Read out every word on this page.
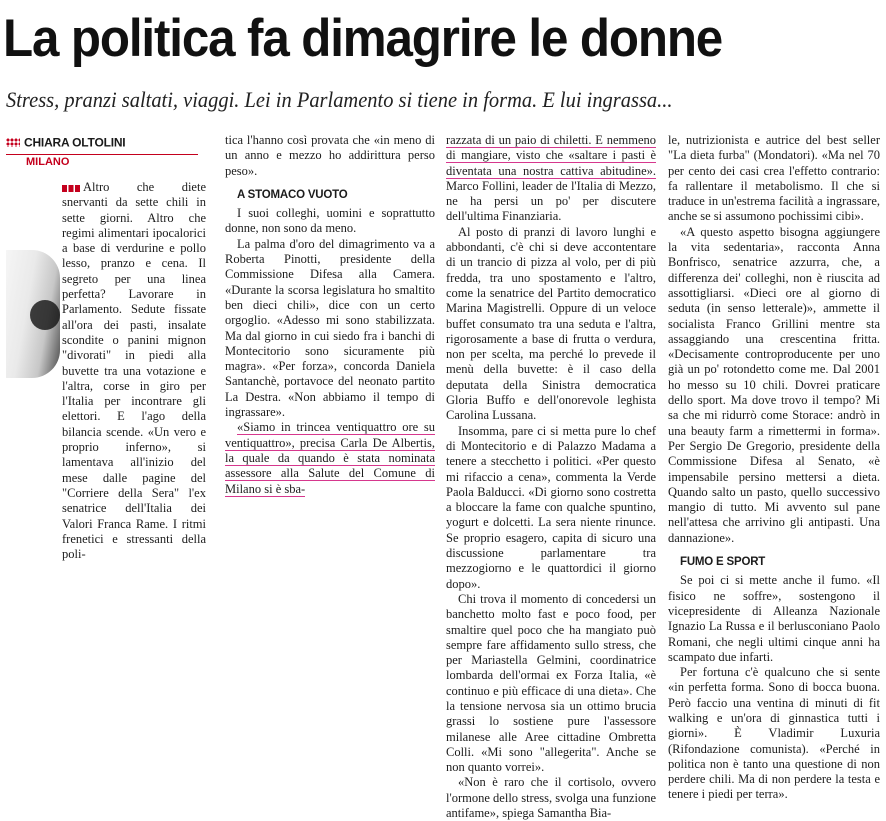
La politica fa dimagrire le donne
Stress, pranzi saltati, viaggi. Lei in Parlamento si tiene in forma. E lui ingrassa...
CHIARA OLTOLINI
MILANO

Altro che diete snervanti da sette chili in sette giorni. Altro che regimi alimentari ipocalorici a base di verdurine e pollo lesso, pranzo e cena. Il segreto per una linea perfetta? Lavorare in Parlamento. Sedute fissate all'ora dei pasti, insalate scondite o panini mignon "divorati" in piedi alla buvette tra una votazione e l'altra, corse in giro per l'Italia per incontrare gli elettori. E l'ago della bilancia scende. «Un vero e proprio inferno», si lamentava all'inizio del mese dalle pagine del "Corriere della Sera" l'ex senatrice dell'Italia dei Valori Franca Rame. I ritmi frenetici e stressanti della poli-

tica l'hanno così provata che «in meno di un anno e mezzo ho addirittura perso peso».

A STOMACO VUOTO

I suoi colleghi, uomini e soprattutto donne, non sono da meno.

La palma d'oro del dimagrimento va a Roberta Pinotti, presidente della Commissione Difesa alla Camera. «Durante la scorsa legislatura ho smaltito ben dieci chili», dice con un certo orgoglio. «Adesso mi sono stabilizzata. Ma dal giorno in cui siedo fra i banchi di Montecitorio sono sicuramente più magra». «Per forza», concorda Daniela Santanchè, portavoce del neonato partito La Destra. «Non abbiamo il tempo di ingrassare».

«Siamo in trincea ventiquattro ore su ventiquattro», precisa Carla De Albertis, la quale da quando è stata nominata assessore alla Salute del Comune di Milano si è sba-

razzata di un paio di chiletti. E nemmeno di mangiare, visto che «saltare i pasti è diventata una nostra cattiva abitudine». Marco Follini, leader de l'Italia di Mezzo, ne ha persi un po' per discutere dell'ultima Finanziaria.

Al posto di pranzi di lavoro lunghi e abbondanti, c'è chi si deve accontentare di un trancio di pizza al volo, per di più fredda, tra uno spostamento e l'altro, come la senatrice del Partito democratico Marina Magistrelli. Oppure di un veloce buffet consumato tra una seduta e l'altra, rigorosamente a base di frutta o verdura, non per scelta, ma perché lo prevede il menù della buvette: è il caso della deputata della Sinistra democratica Gloria Buffo e dell'onorevole leghista Carolina Lussana.

Insomma, pare ci si metta pure lo chef di Montecitorio e di Palazzo Madama a tenere a stecchetto i politici. «Per questo mi rifaccio a cena», commenta la Verde Paola Balducci. «Di giorno sono costretta a bloccare la fame con qualche spuntino, yogurt e dolcetti. La sera niente rinunce. Se proprio esagero, capita di sicuro una discussione parlamentare tra mezzogiorno e le quattordici il giorno dopo».

Chi trova il momento di concedersi un banchetto molto fast e poco food, per smaltire quel poco che ha mangiato può sempre fare affidamento sullo stress, che per Mariastella Gelmini, coordinatrice lombarda dell'ormai ex Forza Italia, «è continuo e più efficace di una dieta». Che la tensione nervosa sia un ottimo brucia grassi lo sostiene pure l'assessore milanese alle Aree cittadine Ombretta Colli. «Mi sono "allegerita". Anche se non quanto vorrei».

«Non è raro che il cortisolo, ovvero l'ormone dello stress, svolga una funzione antifame», spiega Samantha Bia-

le, nutrizionista e autrice del best seller "La dieta furba" (Mondatori). «Ma nel 70 per cento dei casi crea l'effetto contrario: fa rallentare il metabolismo. Il che si traduce in un'estrema facilità a ingrassare, anche se si assumono pochissimi cibi».

«A questo aspetto bisogna aggiungere la vita sedentaria», racconta Anna Bonfrisco, senatrice azzurra, che, a differenza dei' colleghi, non è riuscita ad assottigliarsi. «Dieci ore al giorno di seduta (in senso letterale)», ammette il socialista Franco Grillini mentre sta assaggiando una crescentina fritta. «Decisamente controproducente per uno già un po' rotondetto come me. Dal 2001 ho messo su 10 chili. Dovrei praticare dello sport. Ma dove trovo il tempo? Mi sa che mi ridurrò come Storace: andrò in una beauty farm a rimettermi in forma». Per Sergio De Gregorio, presidente della Commissione Difesa al Senato, «è impensabile persino mettersi a dieta. Quando salto un pasto, quello successivo mangio di tutto. Mi avvento sul pane nell'attesa che arrivino gli antipasti. Una dannazione».

FUMO E SPORT

Se poi ci si mette anche il fumo. «Il fisico ne soffre», sostengono il vicepresidente di Alleanza Nazionale Ignazio La Russa e il berlusconiano Paolo Romani, che negli ultimi cinque anni ha scampato due infarti.

Per fortuna c'è qualcuno che si sente «in perfetta forma. Sono di bocca buona. Però faccio una ventina di minuti di fit walking e un'ora di ginnastica tutti i giorni». È Vladimir Luxuria (Rifondazione comunista). «Perché in politica non è tanto una questione di non perdere chili. Ma di non perdere la testa e tenere i piedi per terra».
